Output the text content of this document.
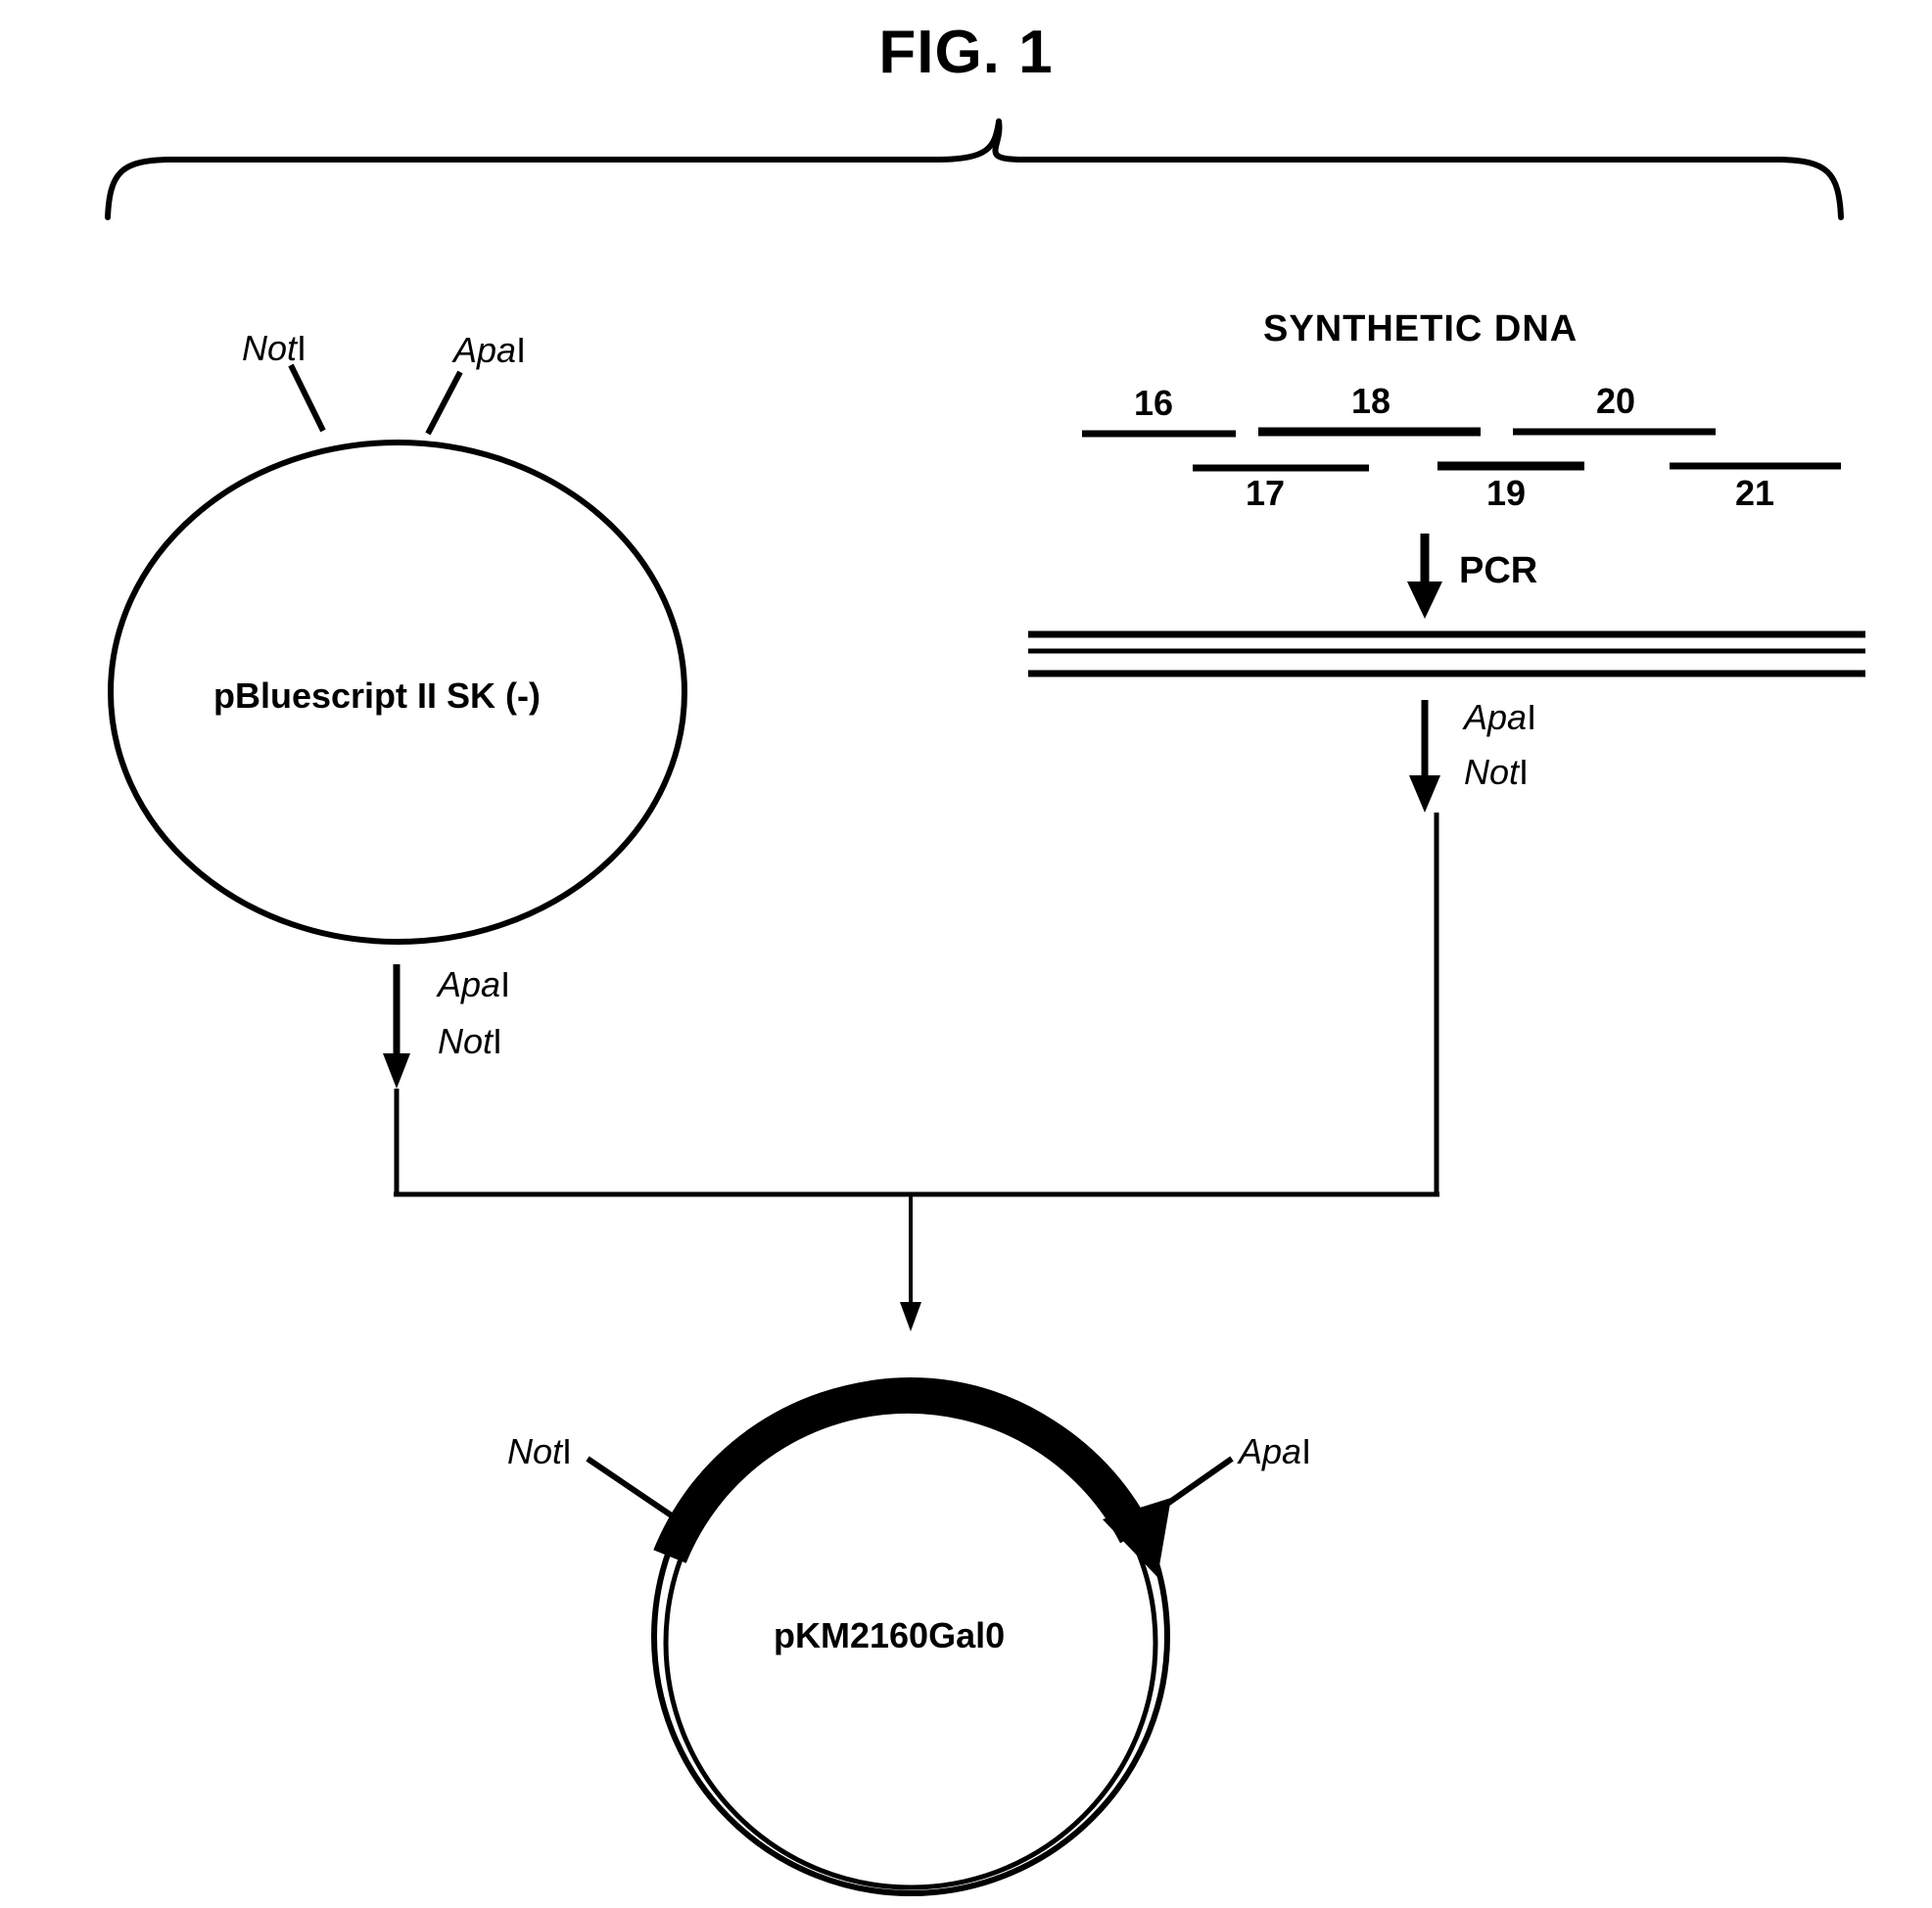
FIG. 1
NotI	ApaI
pBluescript II SK (-)
ApaI
NotI
SYNTHETIC DNA
16	18	20
17	19	21
PCR
ApaI
NotI
NotI	ApaI
pKM2160Gal0
